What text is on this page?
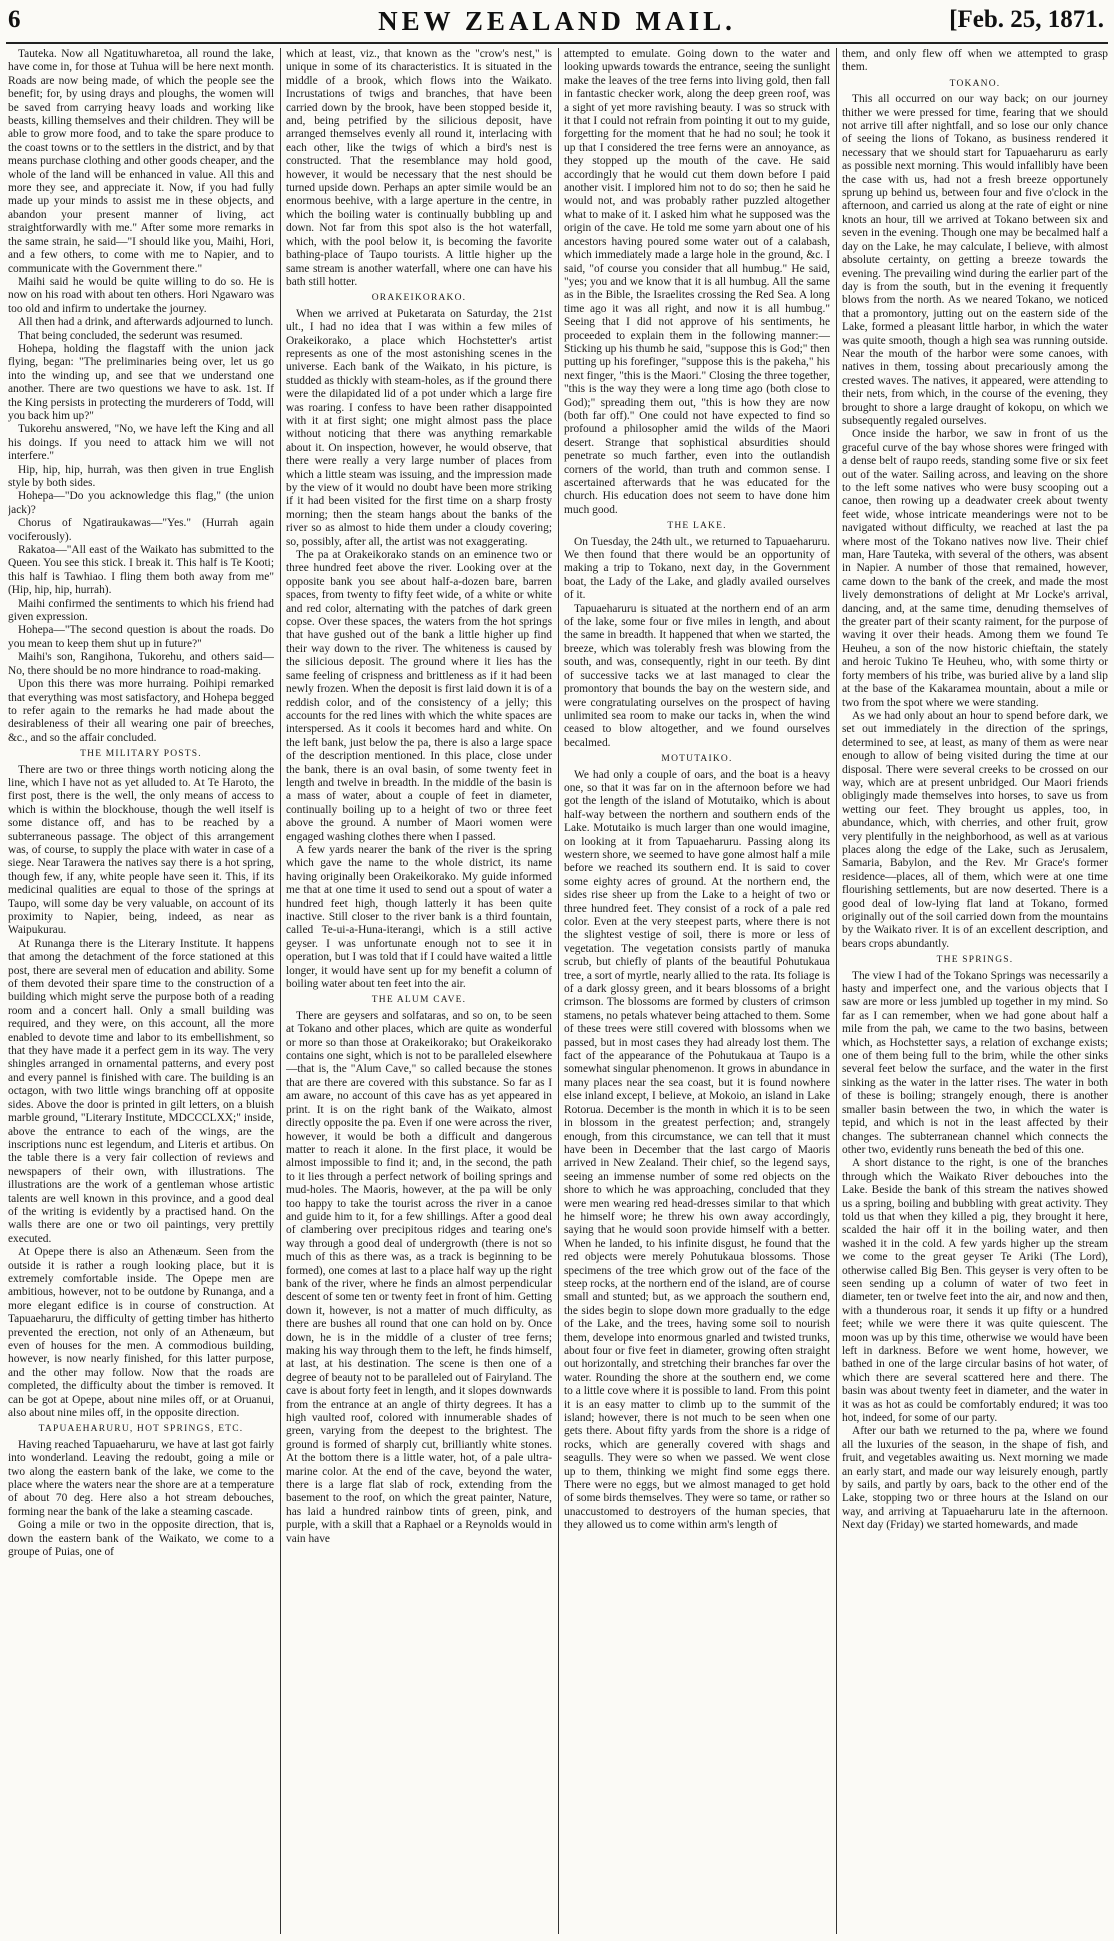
6	NEW ZEALAND MAIL.	[Feb. 25, 1871.

Tauteka. Now all Ngatituwharetoa, all round the lake, have come in, for those at Tuhua will be here next month. Roads are now being made, of which the people see the benefit; for, by using drays and ploughs, the women will be saved from carrying heavy loads and working like beasts, killing themselves and their children. They will be able to grow more food, and to take the spare produce to the coast towns or to the settlers in the district, and by that means purchase clothing and other goods cheaper, and the whole of the land will be enhanced in value. All this and more they see, and appreciate it. Now, if you had fully made up your minds to assist me in these objects, and abandon your present manner of living, act straightforwardly with me." After some more remarks in the same strain, he said—"I should like you, Maihi, Hori, and a few others, to come with me to Napier, and to communicate with the Government there."

Maihi said he would be quite willing to do so. He is now on his road with about ten others. Hori Ngawaro was too old and infirm to undertake the journey.

All then had a drink, and afterwards adjourned to lunch.

That being concluded, the sederunt was resumed.

Hohepa, holding the flagstaff with the union jack flying, began: "The preliminaries being over, let us go into the winding up, and see that we understand one another. There are two questions we have to ask. 1st. If the King persists in protecting the murderers of Todd, will you back him up?"

Tukorehu answered, "No, we have left the King and all his doings. If you need to attack him we will not interfere."

Hip, hip, hip, hurrah, was then given in true English style by both sides.

Hohepa—"Do you acknowledge this flag," (the union jack)?

Chorus of Ngatiraukawas—"Yes." (Hurrah again vociferously).

Rakatoa—"All east of the Waikato has submitted to the Queen. You see this stick. I break it. This half is Te Kooti; this half is Tawhiao. I fling them both away from me" (Hip, hip, hip, hurrah).

Maihi confirmed the sentiments to which his friend had given expression.

Hohepa—"The second question is about the roads. Do you mean to keep them shut up in future?"

Maihi's son, Rangihona, Tukorehu, and others said—No, there should be no more hindrance to road-making.

Upon this there was more hurraing. Poihipi remarked that everything was most satisfactory, and Hohepa begged to refer again to the remarks he had made about the desirableness of their all wearing one pair of breeches, &c., and so the affair concluded.

THE MILITARY POSTS.

There are two or three things worth noticing along the line, which I have not as yet alluded to. At Te Haroto, the first post, there is the well, the only means of access to which is within the blockhouse, though the well itself is some distance off, and has to be reached by a subterraneous passage. The object of this arrangement was, of course, to supply the place with water in case of a siege. Near Tarawera the natives say there is a hot spring, though few, if any, white people have seen it. This, if its medicinal qualities are equal to those of the springs at Taupo, will some day be very valuable, on account of its proximity to Napier, being, indeed, as near as Waipukurau.

At Runanga there is the Literary Institute. It happens that among the detachment of the force stationed at this post, there are several men of education and ability. Some of them devoted their spare time to the construction of a building which might serve the purpose both of a reading room and a concert hall. Only a small building was required, and they were, on this account, all the more enabled to devote time and labor to its embellishment, so that they have made it a perfect gem in its way. The very shingles arranged in ornamental patterns, and every post and every pannel is finished with care. The building is an octagon, with two little wings branching off at opposite sides. Above the door is printed in gilt letters, on a bluish marble ground, "Literary Institute, MDCCCLXX;" inside, above the entrance to each of the wings, are the inscriptions nunc est legendum, and Literis et artibus. On the table there is a very fair collection of reviews and newspapers of their own, with illustrations. The illustrations are the work of a gentleman whose artistic talents are well known in this province, and a good deal of the writing is evidently by a practised hand. On the walls there are one or two oil paintings, very prettily executed.

At Opepe there is also an Athenæum. Seen from the outside it is rather a rough looking place, but it is extremely comfortable inside. The Opepe men are ambitious, however, not to be outdone by Runanga, and a more elegant edifice is in course of construction. At Tapuaeharuru, the difficulty of getting timber has hitherto prevented the erection, not only of an Athenæum, but even of houses for the men. A commodious building, however, is now nearly finished, for this latter purpose, and the other may follow. Now that the roads are completed, the difficulty about the timber is removed. It can be got at Opepe, about nine miles off, or at Oruanui, also about nine miles off, in the opposite direction.

TAPUAEHARURU, HOT SPRINGS, ETC.

Having reached Tapuaeharuru, we have at last got fairly into wonderland. Leaving the redoubt, going a mile or two along the eastern bank of the lake, we come to the place where the waters near the shore are at a temperature of about 70 deg. Here also a hot stream debouches, forming near the bank of the lake a steaming cascade.

Going a mile or two in the opposite direction, that is, down the eastern bank of the Waikato, we come to a groupe of Puias, one of

which at least, viz., that known as the "crow's nest," is unique in some of its characteristics. It is situated in the middle of a brook, which flows into the Waikato. Incrustations of twigs and branches, that have been carried down by the brook, have been stopped beside it, and, being petrified by the silicious deposit, have arranged themselves evenly all round it, interlacing with each other, like the twigs of which a bird's nest is constructed. That the resemblance may hold good, however, it would be necessary that the nest should be turned upside down. Perhaps an apter simile would be an enormous beehive, with a large aperture in the centre, in which the boiling water is continually bubbling up and down. Not far from this spot also is the hot waterfall, which, with the pool below it, is becoming the favorite bathing-place of Taupo tourists. A little higher up the same stream is another waterfall, where one can have his bath still hotter.

ORAKEIKORAKO.

When we arrived at Puketarata on Saturday, the 21st ult., I had no idea that I was within a few miles of Orakeikorako, a place which Hochstetter's artist represents as one of the most astonishing scenes in the universe. Each bank of the Waikato, in his picture, is studded as thickly with steam-holes, as if the ground there were the dilapidated lid of a pot under which a large fire was roaring. I confess to have been rather disappointed with it at first sight; one might almost pass the place without noticing that there was anything remarkable about it. On inspection, however, he would observe, that there were really a very large number of places from which a little steam was issuing, and the impression made by the view of it would no doubt have been more striking if it had been visited for the first time on a sharp frosty morning; then the steam hangs about the banks of the river so as almost to hide them under a cloudy covering; so, possibly, after all, the artist was not exaggerating.

The pa at Orakeikorako stands on an eminence two or three hundred feet above the river. Looking over at the opposite bank you see about half-a-dozen bare, barren spaces, from twenty to fifty feet wide, of a white or white and red color, alternating with the patches of dark green copse. Over these spaces, the waters from the hot springs that have gushed out of the bank a little higher up find their way down to the river. The whiteness is caused by the silicious deposit. The ground where it lies has the same feeling of crispness and brittleness as if it had been newly frozen. When the deposit is first laid down it is of a reddish color, and of the consistency of a jelly; this accounts for the red lines with which the white spaces are interspersed. As it cools it becomes hard and white. On the left bank, just below the pa, there is also a large space of the description mentioned. In this place, close under the bank, there is an oval basin, of some twenty feet in length and twelve in breadth. In the middle of the basin is a mass of water, about a couple of feet in diameter, continually boiling up to a height of two or three feet above the ground. A number of Maori women were engaged washing clothes there when I passed.

A few yards nearer the bank of the river is the spring which gave the name to the whole district, its name having originally been Orakeikorako. My guide informed me that at one time it used to send out a spout of water a hundred feet high, though latterly it has been quite inactive. Still closer to the river bank is a third fountain, called Te-ui-a-Huna-iterangi, which is a still active geyser. I was unfortunate enough not to see it in operation, but I was told that if I could have waited a little longer, it would have sent up for my benefit a column of boiling water about ten feet into the air.

THE ALUM CAVE.

There are geysers and solfataras, and so on, to be seen at Tokano and other places, which are quite as wonderful or more so than those at Orakeikorako; but Orakeikorako contains one sight, which is not to be paralleled elsewhere—that is, the "Alum Cave," so called because the stones that are there are covered with this substance. So far as I am aware, no account of this cave has as yet appeared in print. It is on the right bank of the Waikato, almost directly opposite the pa. Even if one were across the river, however, it would be both a difficult and dangerous matter to reach it alone. In the first place, it would be almost impossible to find it; and, in the second, the path to it lies through a perfect network of boiling springs and mud-holes. The Maoris, however, at the pa will be only too happy to take the tourist across the river in a canoe and guide him to it, for a few shillings. After a good deal of clambering over precipitous ridges and tearing one's way through a good deal of undergrowth (there is not so much of this as there was, as a track is beginning to be formed), one comes at last to a place half way up the right bank of the river, where he finds an almost perpendicular descent of some ten or twenty feet in front of him. Getting down it, however, is not a matter of much difficulty, as there are bushes all round that one can hold on by. Once down, he is in the middle of a cluster of tree ferns; making his way through them to the left, he finds himself, at last, at his destination. The scene is then one of a degree of beauty not to be paralleled out of Fairyland. The cave is about forty feet in length, and it slopes downwards from the entrance at an angle of thirty degrees. It has a high vaulted roof, colored with innumerable shades of green, varying from the deepest to the brightest. The ground is formed of sharply cut, brilliantly white stones. At the bottom there is a little water, hot, of a pale ultra-marine color. At the end of the cave, beyond the water, there is a large flat slab of rock, extending from the basement to the roof, on which the great painter, Nature, has laid a hundred rainbow tints of green, pink, and purple, with a skill that a Raphael or a Reynolds would in vain have

attempted to emulate. Going down to the water and looking upwards towards the entrance, seeing the sunlight make the leaves of the tree ferns into living gold, then fall in fantastic checker work, along the deep green roof, was a sight of yet more ravishing beauty. I was so struck with it that I could not refrain from pointing it out to my guide, forgetting for the moment that he had no soul; he took it up that I considered the tree ferns were an annoyance, as they stopped up the mouth of the cave. He said accordingly that he would cut them down before I paid another visit. I implored him not to do so; then he said he would not, and was probably rather puzzled altogether what to make of it. I asked him what he supposed was the origin of the cave. He told me some yarn about one of his ancestors having poured some water out of a calabash, which immediately made a large hole in the ground, &c. I said, "of course you consider that all humbug." He said, "yes; you and we know that it is all humbug. All the same as in the Bible, the Israelites crossing the Red Sea. A long time ago it was all right, and now it is all humbug." Seeing that I did not approve of his sentiments, he proceeded to explain them in the following manner:—Sticking up his thumb he said, "suppose this is God;" then putting up his forefinger, "suppose this is the pakeha," his next finger, "this is the Maori." Closing the three together, "this is the way they were a long time ago (both close to God);" spreading them out, "this is how they are now (both far off)." One could not have expected to find so profound a philosopher amid the wilds of the Maori desert. Strange that sophistical absurdities should penetrate so much farther, even into the outlandish corners of the world, than truth and common sense. I ascertained afterwards that he was educated for the church. His education does not seem to have done him much good.

THE LAKE.

On Tuesday, the 24th ult., we returned to Tapuaeharuru. We then found that there would be an opportunity of making a trip to Tokano, next day, in the Government boat, the Lady of the Lake, and gladly availed ourselves of it.

Tapuaeharuru is situated at the northern end of an arm of the lake, some four or five miles in length, and about the same in breadth. It happened that when we started, the breeze, which was tolerably fresh was blowing from the south, and was, consequently, right in our teeth. By dint of successive tacks we at last managed to clear the promontory that bounds the bay on the western side, and were congratulating ourselves on the prospect of having unlimited sea room to make our tacks in, when the wind ceased to blow altogether, and we found ourselves becalmed.

MOTUTAIKO.

We had only a couple of oars, and the boat is a heavy one, so that it was far on in the afternoon before we had got the length of the island of Motutaiko, which is about half-way between the northern and southern ends of the Lake. Motutaiko is much larger than one would imagine, on looking at it from Tapuaeharuru. Passing along its western shore, we seemed to have gone almost half a mile before we reached its southern end. It is said to cover some eighty acres of ground. At the northern end, the sides rise sheer up from the Lake to a height of two or three hundred feet. They consist of a rock of a pale red color. Even at the very steepest parts, where there is not the slightest vestige of soil, there is more or less of vegetation. The vegetation consists partly of manuka scrub, but chiefly of plants of the beautiful Pohutukaua tree, a sort of myrtle, nearly allied to the rata. Its foliage is of a dark glossy green, and it bears blossoms of a bright crimson. The blossoms are formed by clusters of crimson stamens, no petals whatever being attached to them. Some of these trees were still covered with blossoms when we passed, but in most cases they had already lost them. The fact of the appearance of the Pohutukaua at Taupo is a somewhat singular phenomenon. It grows in abundance in many places near the sea coast, but it is found nowhere else inland except, I believe, at Mokoio, an island in Lake Rotorua. December is the month in which it is to be seen in blossom in the greatest perfection; and, strangely enough, from this circumstance, we can tell that it must have been in December that the last cargo of Maoris arrived in New Zealand. Their chief, so the legend says, seeing an immense number of some red objects on the shore to which he was approaching, concluded that they were men wearing red head-dresses similar to that which he himself wore; he threw his own away accordingly, saying that he would soon provide himself with a better. When he landed, to his infinite disgust, he found that the red objects were merely Pohutukaua blossoms. Those specimens of the tree which grow out of the face of the steep rocks, at the northern end of the island, are of course small and stunted; but, as we approach the southern end, the sides begin to slope down more gradually to the edge of the Lake, and the trees, having some soil to nourish them, develope into enormous gnarled and twisted trunks, about four or five feet in diameter, growing often straight out horizontally, and stretching their branches far over the water. Rounding the shore at the southern end, we come to a little cove where it is possible to land. From this point it is an easy matter to climb up to the summit of the island; however, there is not much to be seen when one gets there. About fifty yards from the shore is a ridge of rocks, which are generally covered with shags and seagulls. They were so when we passed. We went close up to them, thinking we might find some eggs there. There were no eggs, but we almost managed to get hold of some birds themselves. They were so tame, or rather so unaccustomed to destroyers of the human species, that they allowed us to come within arm's length of

them, and only flew off when we attempted to grasp them.

TOKANO.

This all occurred on our way back; on our journey thither we were pressed for time, fearing that we should not arrive till after nightfall, and so lose our only chance of seeing the lions of Tokano, as business rendered it necessary that we should start for Tapuaeharuru as early as possible next morning. This would infallibly have been the case with us, had not a fresh breeze opportunely sprung up behind us, between four and five o'clock in the afternoon, and carried us along at the rate of eight or nine knots an hour, till we arrived at Tokano between six and seven in the evening. Though one may be becalmed half a day on the Lake, he may calculate, I believe, with almost absolute certainty, on getting a breeze towards the evening. The prevailing wind during the earlier part of the day is from the south, but in the evening it frequently blows from the north. As we neared Tokano, we noticed that a promontory, jutting out on the eastern side of the Lake, formed a pleasant little harbor, in which the water was quite smooth, though a high sea was running outside. Near the mouth of the harbor were some canoes, with natives in them, tossing about precariously among the crested waves. The natives, it appeared, were attending to their nets, from which, in the course of the evening, they brought to shore a large draught of kokopu, on which we subsequently regaled ourselves.

Once inside the harbor, we saw in front of us the graceful curve of the bay whose shores were fringed with a dense belt of raupo reeds, standing some five or six feet out of the water. Sailing across, and leaving on the shore to the left some natives who were busy scooping out a canoe, then rowing up a deadwater creek about twenty feet wide, whose intricate meanderings were not to be navigated without difficulty, we reached at last the pa where most of the Tokano natives now live. Their chief man, Hare Tauteka, with several of the others, was absent in Napier. A number of those that remained, however, came down to the bank of the creek, and made the most lively demonstrations of delight at Mr Locke's arrival, dancing, and, at the same time, denuding themselves of the greater part of their scanty raiment, for the purpose of waving it over their heads. Among them we found Te Heuheu, a son of the now historic chieftain, the stately and heroic Tukino Te Heuheu, who, with some thirty or forty members of his tribe, was buried alive by a land slip at the base of the Kakaramea mountain, about a mile or two from the spot where we were standing.

As we had only about an hour to spend before dark, we set out immediately in the direction of the springs, determined to see, at least, as many of them as were near enough to allow of being visited during the time at our disposal. There were several creeks to be crossed on our way, which are at present unbridged. Our Maori friends obligingly made themselves into horses, to save us from wetting our feet. They brought us apples, too, in abundance, which, with cherries, and other fruit, grow very plentifully in the neighborhood, as well as at various places along the edge of the Lake, such as Jerusalem, Samaria, Babylon, and the Rev. Mr Grace's former residence—places, all of them, which were at one time flourishing settlements, but are now deserted. There is a good deal of low-lying flat land at Tokano, formed originally out of the soil carried down from the mountains by the Waikato river. It is of an excellent description, and bears crops abundantly.

THE SPRINGS.

The view I had of the Tokano Springs was necessarily a hasty and imperfect one, and the various objects that I saw are more or less jumbled up together in my mind. So far as I can remember, when we had gone about half a mile from the pah, we came to the two basins, between which, as Hochstetter says, a relation of exchange exists; one of them being full to the brim, while the other sinks several feet below the surface, and the water in the first sinking as the water in the latter rises. The water in both of these is boiling; strangely enough, there is another smaller basin between the two, in which the water is tepid, and which is not in the least affected by their changes. The subterranean channel which connects the other two, evidently runs beneath the bed of this one.

A short distance to the right, is one of the branches through which the Waikato River debouches into the Lake. Beside the bank of this stream the natives showed us a spring, boiling and bubbling with great activity. They told us that when they killed a pig, they brought it here, scalded the hair off it in the boiling water, and then washed it in the cold. A few yards higher up the stream we come to the great geyser Te Ariki (The Lord), otherwise called Big Ben. This geyser is very often to be seen sending up a column of water of two feet in diameter, ten or twelve feet into the air, and now and then, with a thunderous roar, it sends it up fifty or a hundred feet; while we were there it was quite quiescent. The moon was up by this time, otherwise we would have been left in darkness. Before we went home, however, we bathed in one of the large circular basins of hot water, of which there are several scattered here and there. The basin was about twenty feet in diameter, and the water in it was as hot as could be comfortably endured; it was too hot, indeed, for some of our party.

After our bath we returned to the pa, where we found all the luxuries of the season, in the shape of fish, and fruit, and vegetables awaiting us. Next morning we made an early start, and made our way leisurely enough, partly by sails, and partly by oars, back to the other end of the Lake, stopping two or three hours at the Island on our way, and arriving at Tapuaeharuru late in the afternoon. Next day (Friday) we started homewards, and made
